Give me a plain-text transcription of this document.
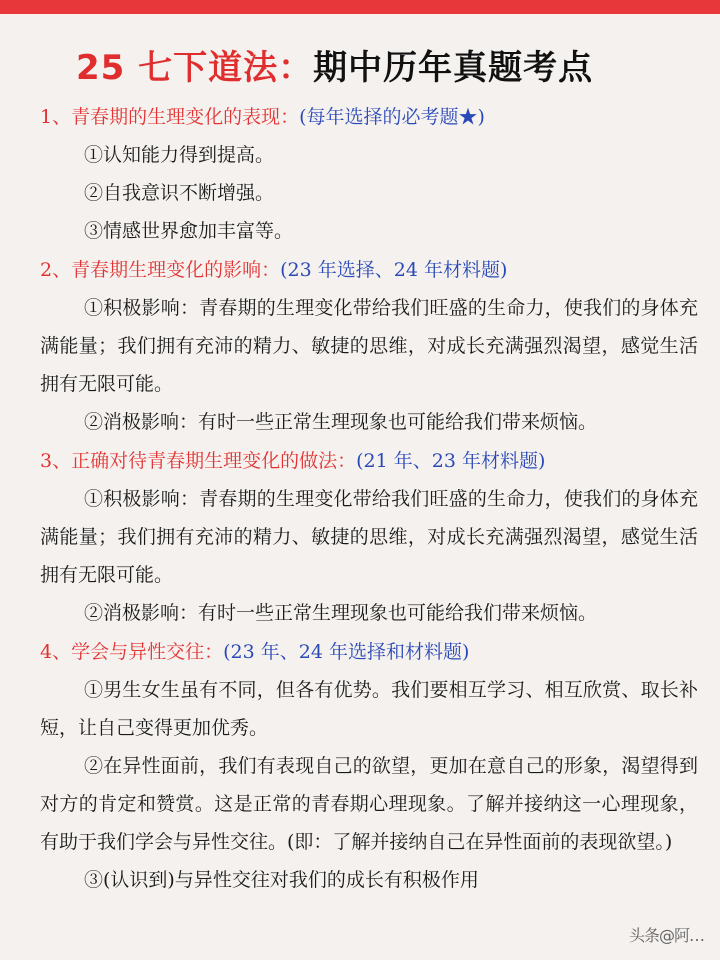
25 七下道法：期中历年真题考点
1、青春期的生理变化的表现：(每年选择的必考题★)
①认知能力得到提高。
②自我意识不断增强。
③情感世界愈加丰富等。
2、青春期生理变化的影响：(23 年选择、24 年材料题)

①积极影响：青春期的生理变化带给我们旺盛的生命力，使我们的身体充满能量；我们拥有充沛的精力、敏捷的思维，对成长充满强烈渴望，感觉生活拥有无限可能。

②消极影响：有时一些正常生理现象也可能给我们带来烦恼。

3、正确对待青春期生理变化的做法：(21 年、23 年材料题)

①积极影响：青春期的生理变化带给我们旺盛的生命力，使我们的身体充满能量；我们拥有充沛的精力、敏捷的思维，对成长充满强烈渴望，感觉生活拥有无限可能。

②消极影响：有时一些正常生理现象也可能给我们带来烦恼。

4、学会与异性交往：(23 年、24 年选择和材料题)

①男生女生虽有不同，但各有优势。我们要相互学习、相互欣赏、取长补短，让自己变得更加优秀。

②在异性面前，我们有表现自己的欲望，更加在意自己的形象，渴望得到对方的肯定和赞赏。这是正常的青春期心理现象。了解并接纳这一心理现象，有助于我们学会与异性交往。(即：了解并接纳自己在异性面前的表现欲望。)

③(认识到)与异性交往对我们的成长有积极作用

头条@阿…
